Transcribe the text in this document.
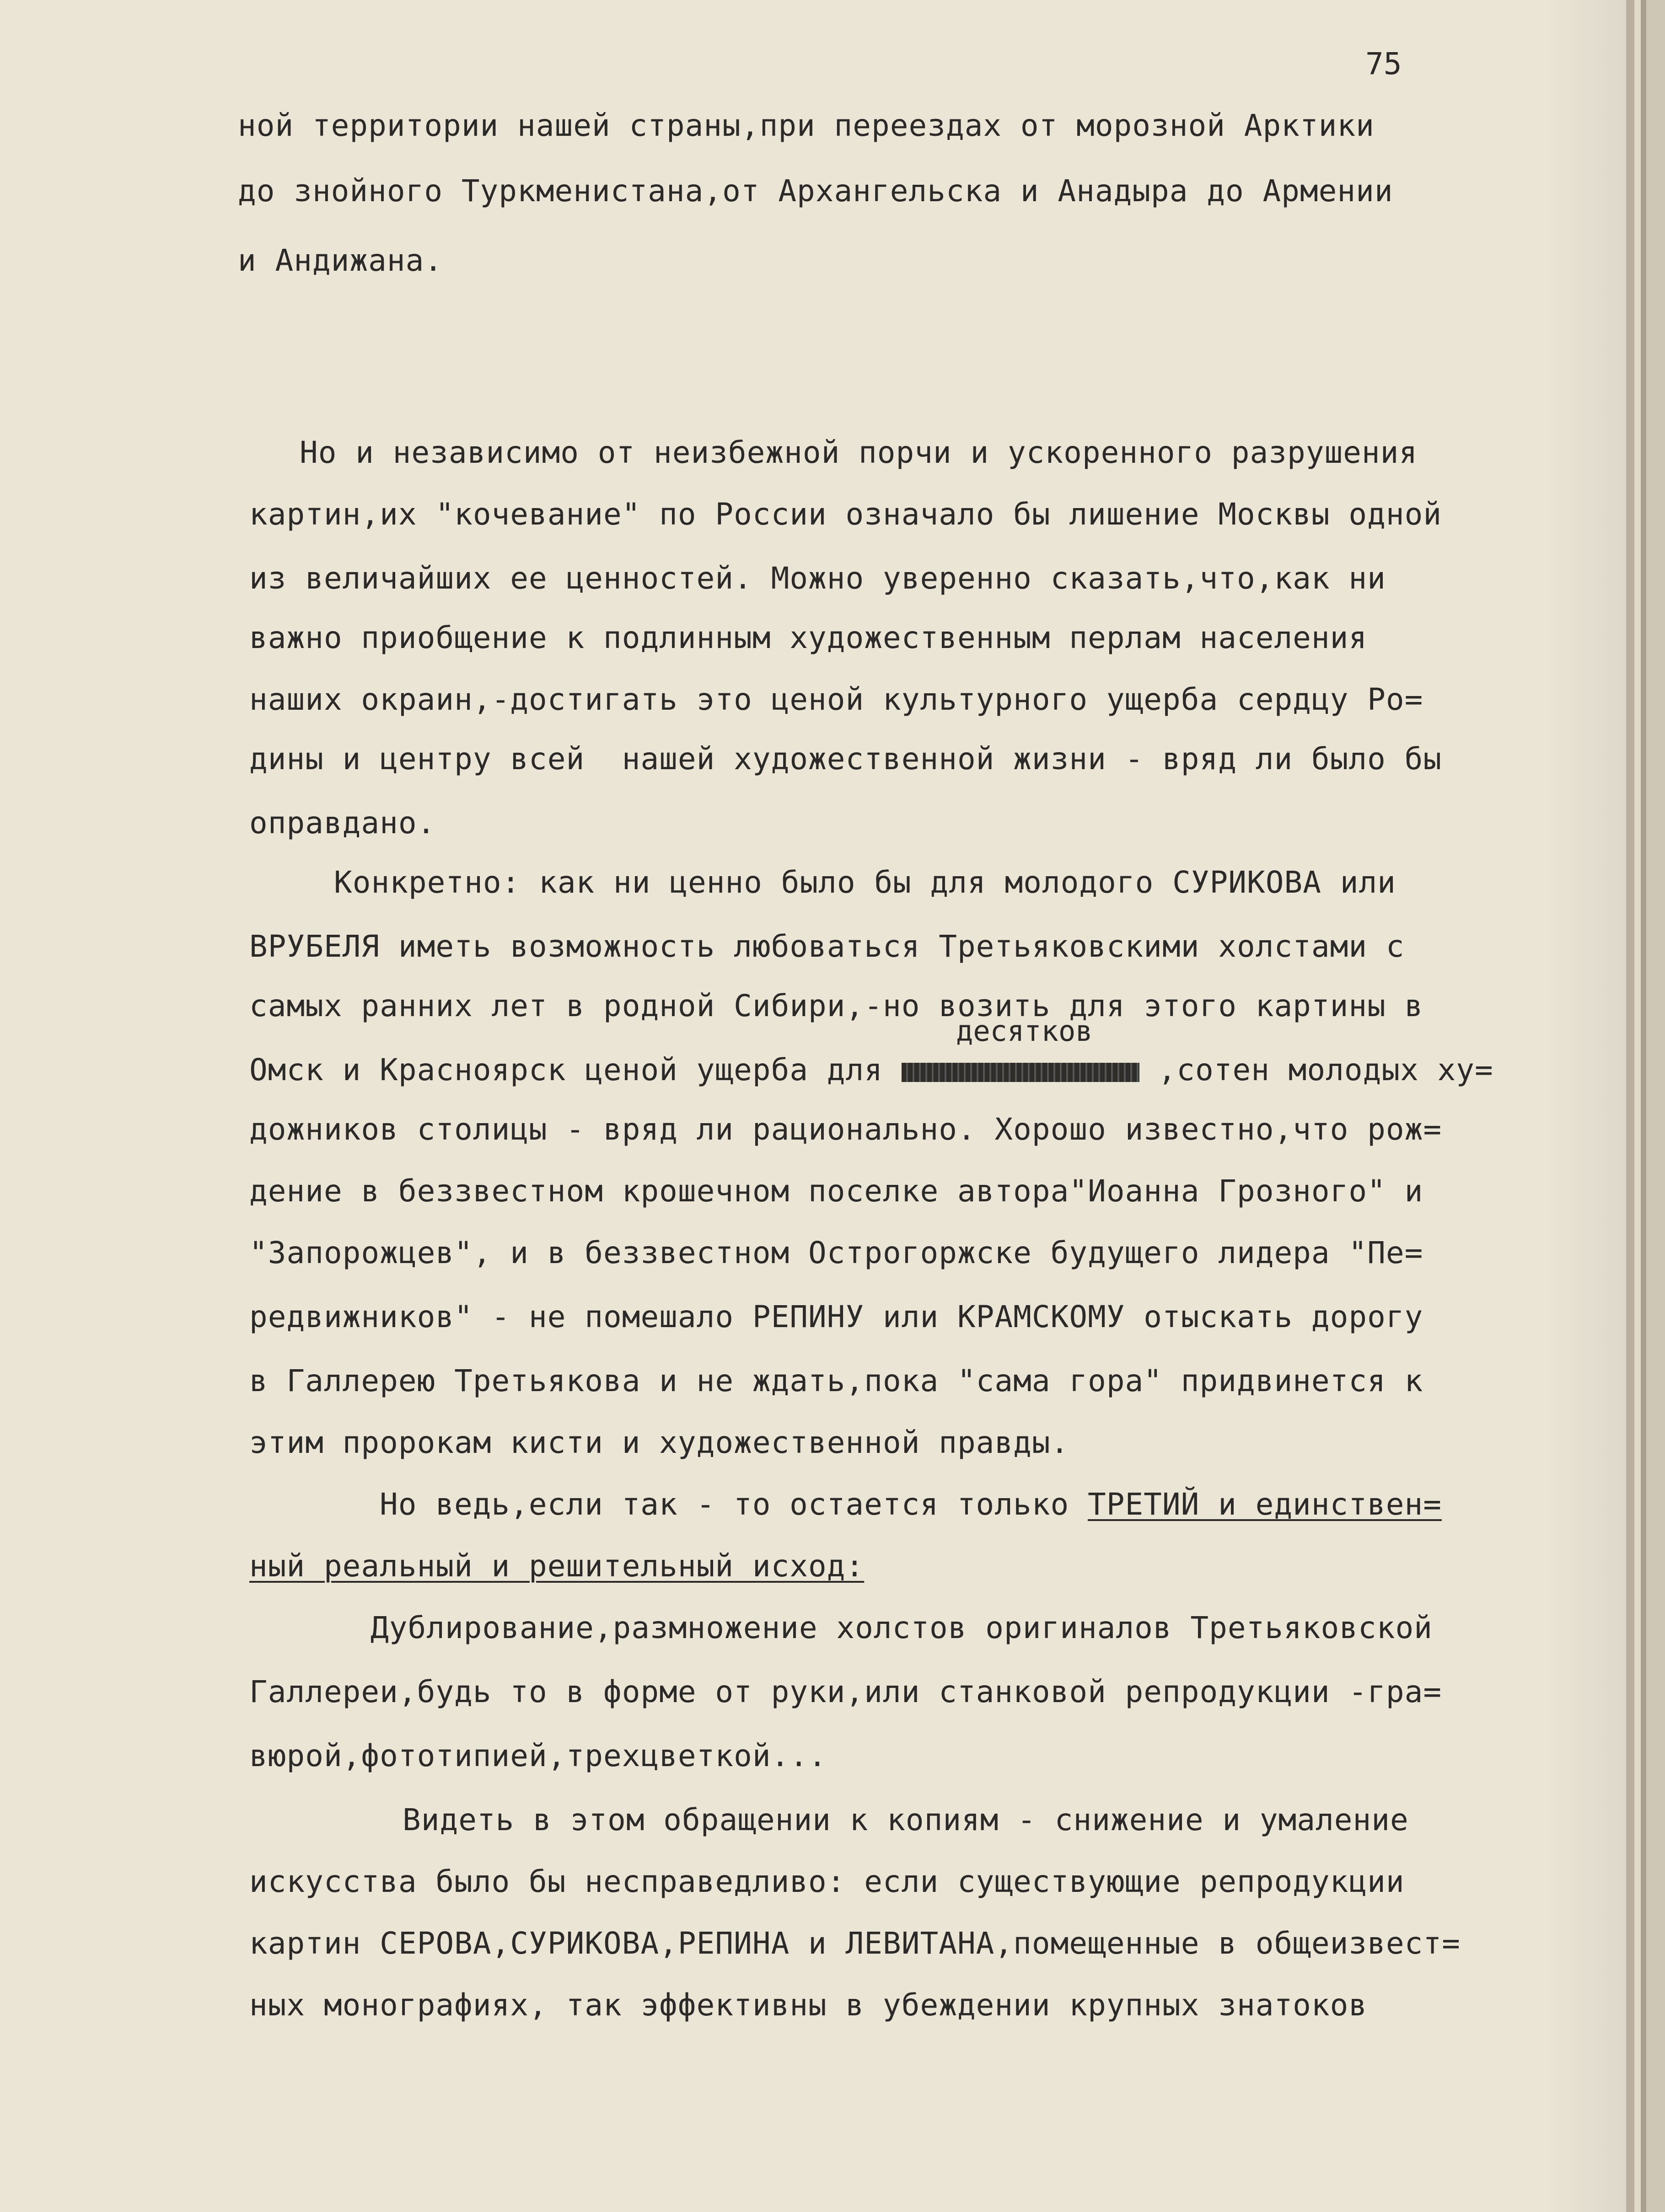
75

ной территории нашей страны,при переездах от морозной Арктики

до знойного Туркменистана,от Архангельска и Анадыра до Армении

и Андижана.

Но и независимо от неизбежной порчи и ускоренного разрушения

картин,их "кочевание" по России означало бы лишение Москвы одной

из величайших ее ценностей. Можно уверенно сказать,что,как ни

важно приобщение к подлинным художественным перлам населения

наших окраин,-достигать это ценой культурного ущерба сердцу Ро=

дины и центру всей  нашей художественной жизни - вряд ли было бы

оправдано.

Конкретно: как ни ценно было бы для молодого СУРИКОВА или

ВРУБЕЛЯ иметь возможность любоваться Третьяковскими холстами с

самых ранних лет в родной Сибири,-но возить для этого картины в

десятков

Омск и Красноярск ценой ущерба для	,сотен молодых ху=

дожников столицы - вряд ли рационально. Хорошо известно,что рож=

дение в беззвестном крошечном поселке автора"Иоанна Грозного" и

"Запорожцев", и в беззвестном Острогоржске будущего лидера "Пе=

редвижников" - не помешало РЕПИНУ или КРАМСКОМУ отыскать дорогу

в Галлерею Третьякова и не ждать,пока "сама гора" придвинется к

этим пророкам кисти и художественной правды.

Но ведь,если так - то остается только ТРЕТИЙ и единствен=

ный реальный и решительный исход:

Дублирование,размножение холстов оригиналов Третьяковской

Галлереи,будь то в форме от руки,или станковой репродукции -гра=

вюрой,фототипией,трехцветкой...

Видеть в этом обращении к копиям - снижение и умаление

искусства было бы несправедливо: если существующие репродукции

картин СЕРОВА,СУРИКОВА,РЕПИНА и ЛЕВИТАНА,помещенные в общеизвест=

ных монографиях, так эффективны в убеждении крупных знатоков
